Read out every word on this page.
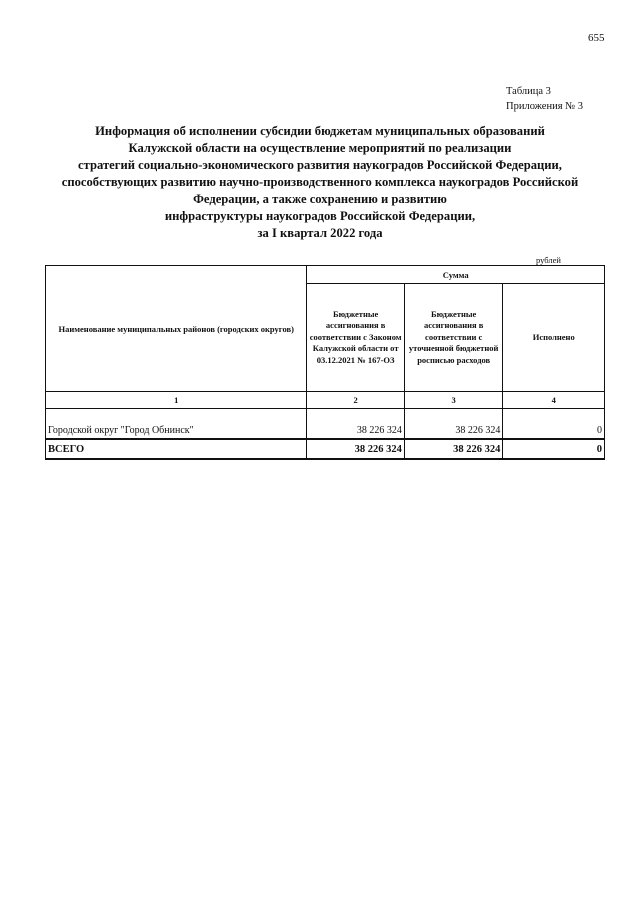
655
Таблица 3
Приложения № 3
Информация об исполнении субсидии бюджетам муниципальных образований
Калужской области на осуществление мероприятий по реализации
стратегий социально-экономического развития наукоградов Российской Федерации,
способствующих развитию научно-производственного комплекса наукоградов Российской
Федерации, а также сохранению и развитию
инфраструктуры наукоградов Российской Федерации,
за I квартал 2022 года
рублей
Наименование муниципальных районов (городских округов)	Сумма		
	Бюджетные ассигнования в соответствии с Законом Калужской области от 03.12.2021 № 167-ОЗ	Бюджетные ассигнования в соответствии с уточненной бюджетной росписью расходов	Исполнено
1	2	3	4

Городской округ "Город Обнинск"	38 226 324	38 226 324	0
ВСЕГО	38 226 324	38 226 324	0
